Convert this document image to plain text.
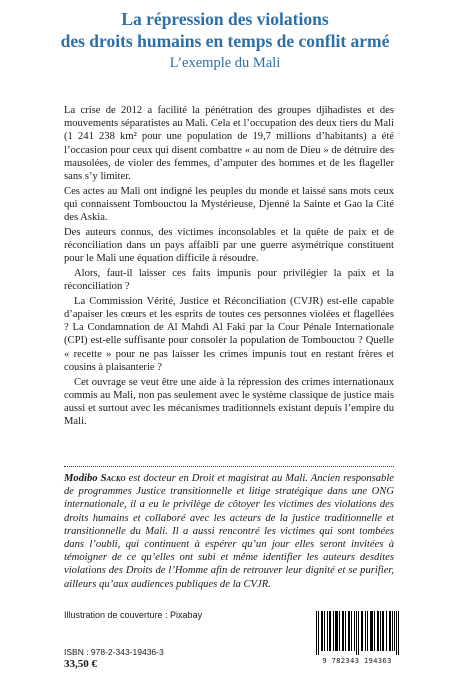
La répression des violations
des droits humains en temps de conflit armé
L’exemple du Mali

La crise de 2012 a facilité la pénétration des groupes djihadistes et des mouvements séparatistes au Mali. Cela et l’occupation des deux tiers du Mali (1 241 238 km² pour une population de 19,7 millions d’habitants) a été l’occasion pour ceux qui disent combattre « au nom de Dieu » de détruire des mausolées, de violer des femmes, d’amputer des hommes et de les flageller sans s’y limiter.

Ces actes au Mali ont indigné les peuples du monde et laissé sans mots ceux qui connaissent Tombouctou la Mystérieuse, Djenné la Sainte et Gao la Cité des Askia.

Des auteurs connus, des victimes inconsolables et la quête de paix et de réconciliation dans un pays affaibli par une guerre asymétrique constituent pour le Mali une équation difficile à résoudre.

Alors, faut-il laisser ces faits impunis pour privilégier la paix et la réconciliation ?

La Commission Vérité, Justice et Réconciliation (CVJR) est-elle capable d’apaiser les cœurs et les esprits de toutes ces personnes violées et flagellées ? La Condamnation de Al Mahdi Al Faki par la Cour Pénale Internationale (CPI) est-elle suffisante pour consoler la population de Tombouctou ? Quelle « recette » pour ne pas laisser les crimes impunis tout en restant frères et cousins à plaisanterie ?

Cet ouvrage se veut être une aide à la répression des crimes internationaux commis au Mali, non pas seulement avec le système classique de justice mais aussi et surtout avec les mécanismes traditionnels existant depuis l’empire du Mali.

Modibo Sacko est docteur en Droit et magistrat au Mali. Ancien responsable de programmes Justice transitionnelle et litige stratégique dans une ONG internationale, il a eu le privilège de côtoyer les victimes des violations des droits humains et collaboré avec les acteurs de la justice traditionnelle et transitionnelle du Mali. Il a aussi rencontré les victimes qui sont tombées dans l’oubli, qui continuent à espérer qu’un jour elles seront invitées à témoigner de ce qu’elles ont subi et même identifier les auteurs desdites violations des Droits de l’Homme afin de retrouver leur dignité et se purifier, ailleurs qu’aux audiences publiques de la CVJR.
Illustration de couverture : Pixabay
ISBN : 978-2-343-19436-3
33,50 €	9 782343 194363
